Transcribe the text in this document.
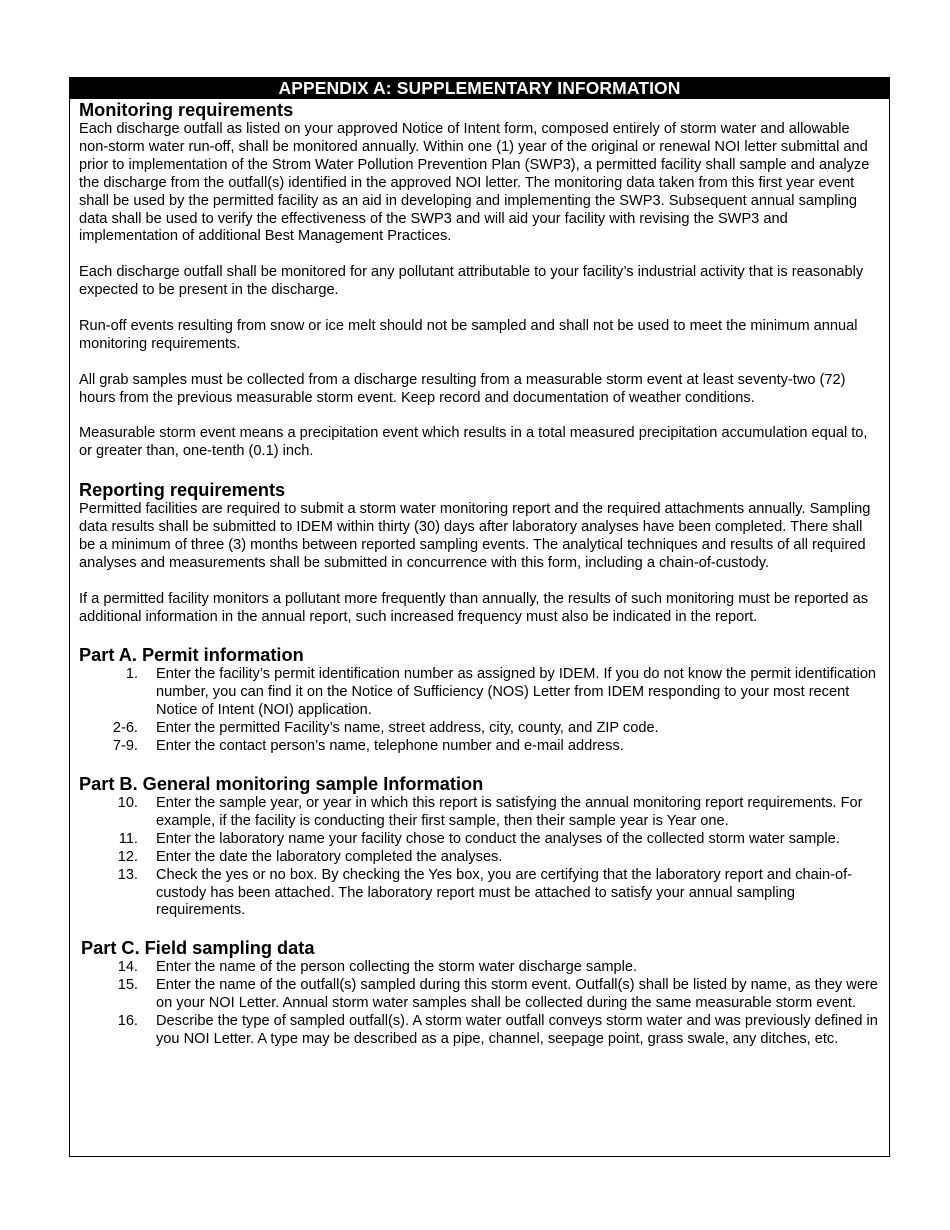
APPENDIX A: SUPPLEMENTARY INFORMATION
Monitoring requirements

Each discharge outfall as listed on your approved Notice of Intent form, composed entirely of storm water and allowable non-storm water run-off, shall be monitored annually. Within one (1) year of the original or renewal NOI letter submittal and prior to implementation of the Strom Water Pollution Prevention Plan (SWP3), a permitted facility shall sample and analyze the discharge from the outfall(s) identified in the approved NOI letter. The monitoring data taken from this first year event shall be used by the permitted facility as an aid in developing and implementing the SWP3. Subsequent annual sampling data shall be used to verify the effectiveness of the SWP3 and will aid your facility with revising the SWP3 and implementation of additional Best Management Practices.

Each discharge outfall shall be monitored for any pollutant attributable to your facility’s industrial activity that is reasonably expected to be present in the discharge.

Run-off events resulting from snow or ice melt should not be sampled and shall not be used to meet the minimum annual monitoring requirements.

All grab samples must be collected from a discharge resulting from a measurable storm event at least seventy-two (72) hours from the previous measurable storm event. Keep record and documentation of weather conditions.

Measurable storm event means a precipitation event which results in a total measured precipitation accumulation equal to, or greater than, one-tenth (0.1) inch.

Reporting requirements

Permitted facilities are required to submit a storm water monitoring report and the required attachments annually. Sampling data results shall be submitted to IDEM within thirty (30) days after laboratory analyses have been completed. There shall be a minimum of three (3) months between reported sampling events. The analytical techniques and results of all required analyses and measurements shall be submitted in concurrence with this form, including a chain-of-custody.

If a permitted facility monitors a pollutant more frequently than annually, the results of such monitoring must be reported as additional information in the annual report, such increased frequency must also be indicated in the report.

Part A. Permit information
1.	Enter the facility’s permit identification number as assigned by IDEM. If you do not know the permit identification number, you can find it on the Notice of Sufficiency (NOS) Letter from IDEM responding to your most recent Notice of Intent (NOI) application.
2-6.	Enter the permitted Facility’s name, street address, city, county, and ZIP code.
7-9.	Enter the contact person’s name, telephone number and e-mail address.
Part B. General monitoring sample Information
10.	Enter the sample year, or year in which this report is satisfying the annual monitoring report requirements. For example, if the facility is conducting their first sample, then their sample year is Year one.
11.	Enter the laboratory name your facility chose to conduct the analyses of the collected storm water sample.
12.	Enter the date the laboratory completed the analyses.
13.	Check the yes or no box. By checking the Yes box, you are certifying that the laboratory report and chain-of-custody has been attached. The laboratory report must be attached to satisfy your annual sampling requirements.
Part C. Field sampling data
14.	Enter the name of the person collecting the storm water discharge sample.
15.	Enter the name of the outfall(s) sampled during this storm event. Outfall(s) shall be listed by name, as they were on your NOI Letter. Annual storm water samples shall be collected during the same measurable storm event.
16.	Describe the type of sampled outfall(s). A storm water outfall conveys storm water and was previously defined in you NOI Letter. A type may be described as a pipe, channel, seepage point, grass swale, any ditches, etc.
